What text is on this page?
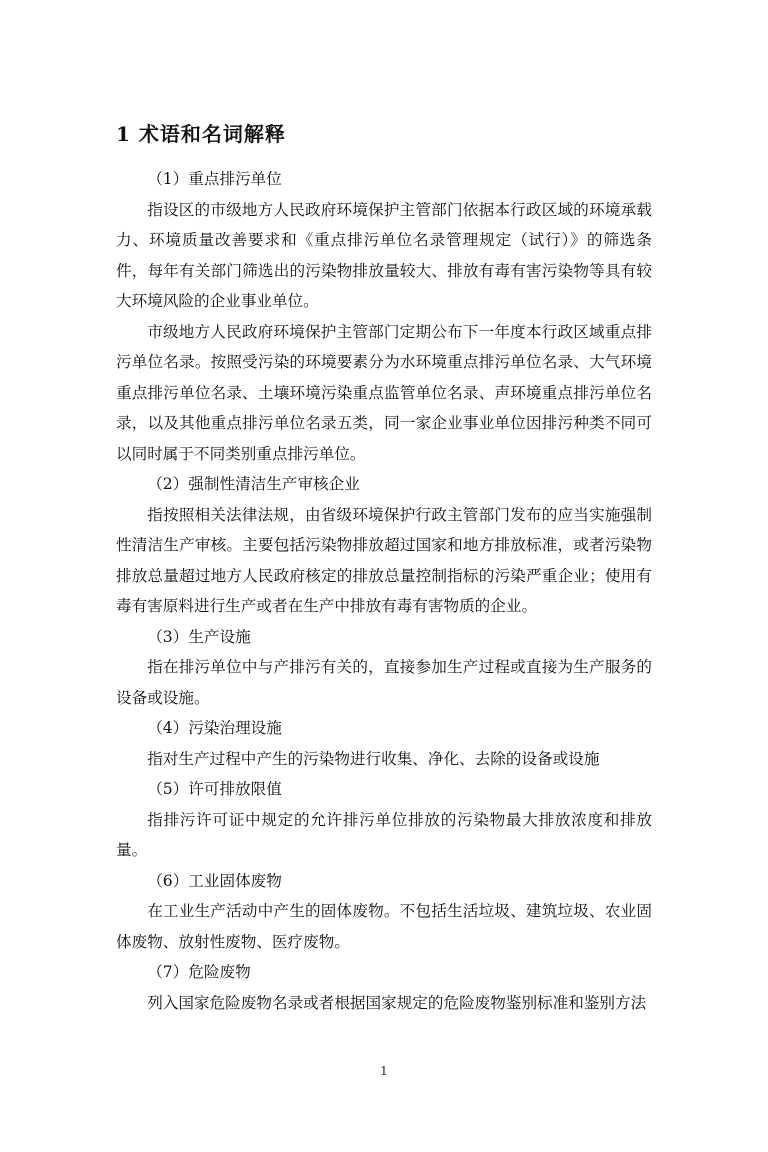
1 术语和名词解释

（1）重点排污单位

指设区的市级地方人民政府环境保护主管部门依据本行政区域的环境承载力、环境质量改善要求和《重点排污单位名录管理规定（试行）》的筛选条件，每年有关部门筛选出的污染物排放量较大、排放有毒有害污染物等具有较大环境风险的企业事业单位。

市级地方人民政府环境保护主管部门定期公布下一年度本行政区域重点排污单位名录。按照受污染的环境要素分为水环境重点排污单位名录、大气环境重点排污单位名录、土壤环境污染重点监管单位名录、声环境重点排污单位名录，以及其他重点排污单位名录五类，同一家企业事业单位因排污种类不同可以同时属于不同类别重点排污单位。

（2）强制性清洁生产审核企业

指按照相关法律法规，由省级环境保护行政主管部门发布的应当实施强制性清洁生产审核。主要包括污染物排放超过国家和地方排放标准，或者污染物排放总量超过地方人民政府核定的排放总量控制指标的污染严重企业；使用有毒有害原料进行生产或者在生产中排放有毒有害物质的企业。

（3）生产设施

指在排污单位中与产排污有关的，直接参加生产过程或直接为生产服务的设备或设施。

（4）污染治理设施

指对生产过程中产生的污染物进行收集、净化、去除的设备或设施

（5）许可排放限值

指排污许可证中规定的允许排污单位排放的污染物最大排放浓度和排放量。

（6）工业固体废物

在工业生产活动中产生的固体废物。不包括生活垃圾、建筑垃圾、农业固体废物、放射性废物、医疗废物。

（7）危险废物

列入国家危险废物名录或者根据国家规定的危险废物鉴别标准和鉴别方法

1
